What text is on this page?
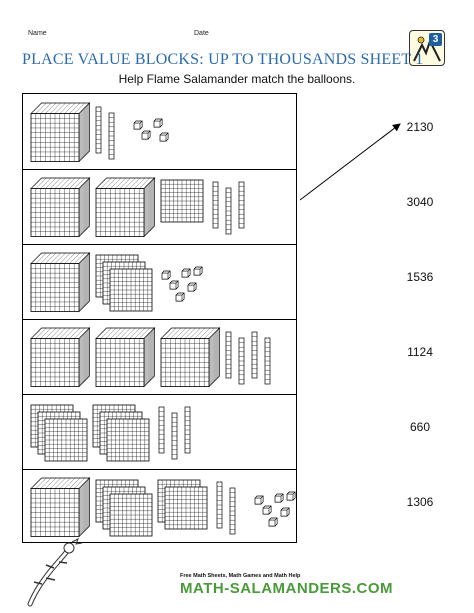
Name	Date
3
PLACE VALUE BLOCKS: UP TO THOUSANDS SHEET 1
Help Flame Salamander match the balloons.
2130
3040
1536
1124
660
1306
Free Math Sheets, Math Games and Math Help
MATH-SALAMANDERS.COM
